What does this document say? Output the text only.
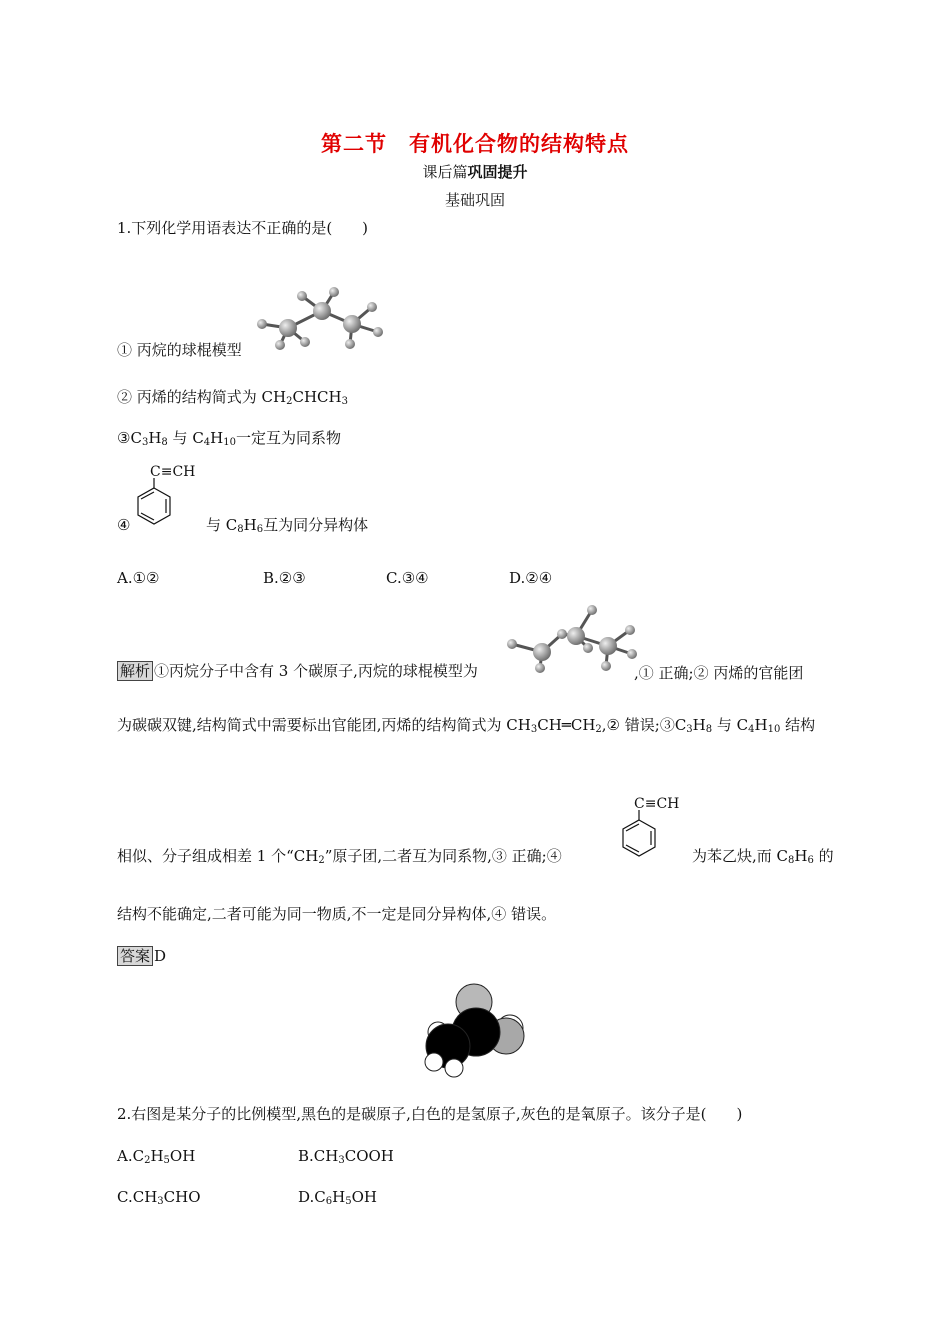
第二节　有机化合物的结构特点
课后篇巩固提升
基础巩固
1.下列化学用语表达不正确的是(　　)
① 丙烷的球棍模型
② 丙烯的结构简式为 $CH_2CHCH_3$
$③C_3H_8$ 与 $C_4H_{10}$一定互为同系物
C≡CH
④	与 $C_8H_6$互为同分异构体
A.①②	B.②③	C.③④	D.②④
解析 ①丙烷分子中含有 3 个碳原子,丙烷的球棍模型为	,① 正确;② 丙烯的官能团
为碳碳双键,结构简式中需要标出官能团,丙烯的结构简式为 $CH_3CH═CH_2,②$ 错误$;③C_3H_8$ 与 $C_4H_{10}$ 结构
C≡CH
相似、分子组成相差 1 个“$CH_2$”原子团,二者互为同系物,③ 正确;④	为苯乙炔,而 $C_8H_6$ 的
结构不能确定,二者可能为同一物质,不一定是同分异构体,④ 错误。
答案 D
2.右图是某分子的比例模型,黑色的是碳原子,白色的是氢原子,灰色的是氧原子。该分子是(　　)
$A.C_2H_5OH$	$B.CH_3COOH$
$C.CH_3CHO$	$D.C_6H_5OH$
